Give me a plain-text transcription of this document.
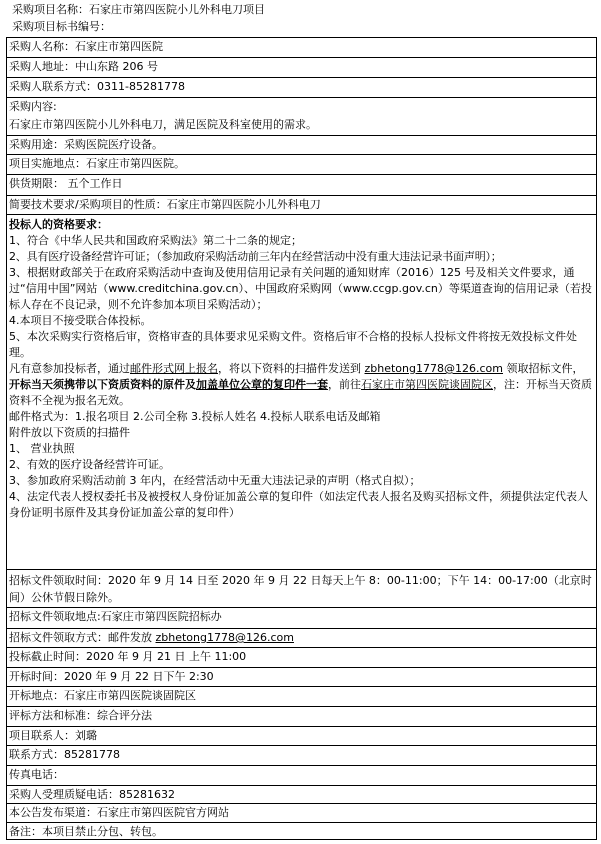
采购项目名称：石家庄市第四医院小儿外科电刀项目
采购项目标书编号：
采购人名称：石家庄市第四医院
采购人地址：中山东路 206 号
采购人联系方式：0311-85281778

采购内容:

石家庄市第四医院小儿外科电刀，满足医院及科室使用的需求。

采购用途：采购医院医疗设备。
项目实施地点：石家庄市第四医院。
供货期限： 五个工作日
简要技术要求/采购项目的性质：石家庄市第四医院小儿外科电刀

投标人的资格要求：

1、符合《中华人民共和国政府采购法》第二十二条的规定；

2、具有医疗设备经营许可证；（参加政府采购活动前三年内在经营活动中没有重大违法记录书面声明）；

3、根据财政部关于在政府采购活动中查询及使用信用记录有关问题的通知财库（2016）125 号及相关文件要求，通过“信用中国”网站（www.creditchina.gov.cn）、中国政府采购网（www.ccgp.gov.cn）等渠道查询的信用记录（若投标人存在不良记录，则不允许参加本项目采购活动）；

4.本项目不接受联合体投标。

5、本次采购实行资格后审，资格审查的具体要求见采购文件。资格后审不合格的投标人投标文件将按无效投标文件处理。

凡有意参加投标者，通过邮件形式网上报名，将以下资料的扫描件发送到 zbhetong1778@126.com 领取招标文件，开标当天须携带以下资质资料的原件及加盖单位公章的复印件一套，前往石家庄市第四医院谈固院区，注：开标当天资质资料不全视为报名无效。

邮件格式为：1.报名项目 2.公司全称 3.投标人姓名 4.投标人联系电话及邮箱

附件放以下资质的扫描件

1、 营业执照

2、有效的医疗设备经营许可证。

3、参加政府采购活动前 3 年内，在经营活动中无重大违法记录的声明（格式自拟）；

4、法定代表人授权委托书及被授权人身份证加盖公章的复印件（如法定代表人报名及购买招标文件，须提供法定代表人身份证明书原件及其身份证加盖公章的复印件）

招标文件领取时间：2020 年 9 月 14 日至 2020 年 9 月 22 日每天上午 8：00-11:00；下午 14：00-17:00（北京时间）公休节假日除外。
招标文件领取地点:石家庄市第四医院招标办
招标文件领取方式：邮件发放 zbhetong1778@126.com
投标截止时间：2020 年 9 月 21 日 上午 11:00
开标时间：2020 年 9 月 22 日下午 2:30
开标地点：石家庄市第四医院谈固院区
评标方法和标准：综合评分法
项目联系人：刘璐
联系方式：85281778
传真电话：
采购人受理质疑电话：85281632
本公告发布渠道：石家庄市第四医院官方网站
备注：本项目禁止分包、转包。
